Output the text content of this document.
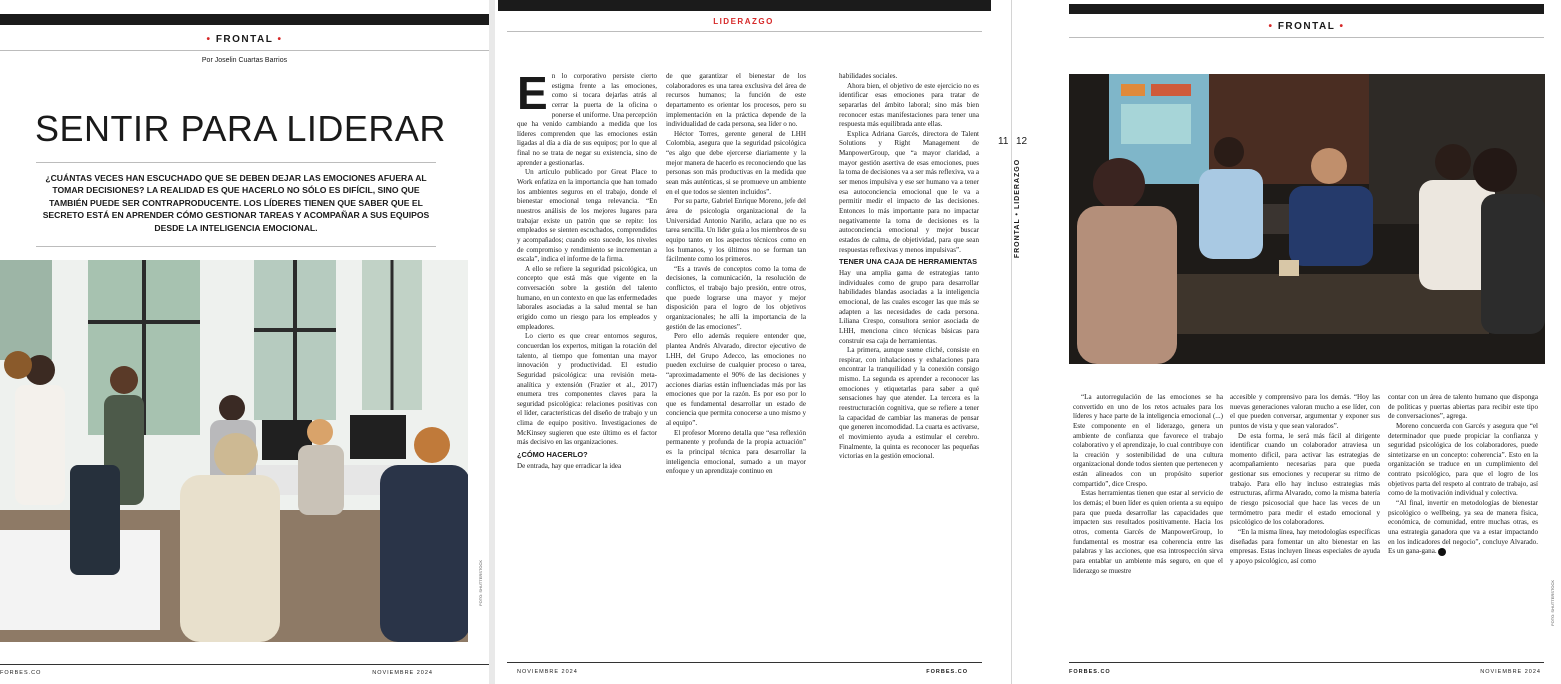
• FRONTAL •
Por Joselin Cuartas Barrios
SENTIR PARA LIDERAR
¿CUÁNTAS VECES HAN ESCUCHADO QUE SE DEBEN DEJAR LAS EMOCIONES AFUERA AL TOMAR DECISIONES? LA REALIDAD ES QUE HACERLO NO SÓLO ES DIFÍCIL, SINO QUE TAMBIÉN PUEDE SER CONTRAPRODUCENTE. LOS LÍDERES TIENEN QUE SABER QUE EL SECRETO ESTÁ EN APRENDER CÓMO GESTIONAR TAREAS Y ACOMPAÑAR A SUS EQUIPOS DESDE LA INTELIGENCIA EMOCIONAL.
FOTO: SHUTTERSTOCK
FORBES.CO	NOVIEMBRE 2024
LIDERAZGO

En lo corporativo persiste cierto estigma frente a las emociones, como si tocara dejarlas atrás al cerrar la puerta de la oficina o ponerse el uniforme. Una percepción que ha venido cambiando a medida que los líderes comprenden que las emociones están ligadas al día a día de sus equipos; por lo que al final no se trata de negar su existencia, sino de aprender a gestionarlas.

Un artículo publicado por Great Place to Work enfatiza en la importancia que han tomado los ambientes seguros en el trabajo, donde el bienestar emocional tenga relevancia. “En nuestros análisis de los mejores lugares para trabajar existe un patrón que se repite: los empleados se sienten escuchados, comprendidos y acompañados; cuando esto sucede, los niveles de compromiso y rendimiento se incrementan a escala”, indica el informe de la firma.

A ello se refiere la seguridad psicológica, un concepto que está más que vigente en la conversación sobre la gestión del talento humano, en un contexto en que las enfermedades laborales asociadas a la salud mental se han erigido como un riesgo para los empleados y empleadores.

Lo cierto es que crear entornos seguros, concuerdan los expertos, mitigan la rotación del talento, al tiempo que fomentan una mayor innovación y productividad. El estudio Seguridad psicológica: una revisión meta-analítica y extensión (Frazier et al., 2017) enumera tres componentes claves para la seguridad psicológica: relaciones positivas con el líder, características del diseño de trabajo y un clima de equipo positivo. Investigaciones de McKinsey sugieren que este último es el factor más decisivo en las organizaciones.

¿CÓMO HACERLO?

De entrada, hay que erradicar la idea

de que garantizar el bienestar de los colaboradores es una tarea exclusiva del área de recursos humanos; la función de este departamento es orientar los procesos, pero su implementación en la práctica depende de la individualidad de cada persona, sea líder o no.

Héctor Torres, gerente general de LHH Colombia, asegura que la seguridad psicológica “es algo que debe ejercerse diariamente y la mejor manera de hacerlo es reconociendo que las personas son más productivas en la medida que sean más auténticas, si se promueve un ambiente en el que todos se sienten incluidos”.

Por su parte, Gabriel Enrique Moreno, jefe del área de psicología organizacional de la Universidad Antonio Nariño, aclara que no es tarea sencilla. Un líder guía a los miembros de su equipo tanto en los aspectos técnicos como en los humanos, y los últimos no se forman tan fácilmente como los primeros.

“Es a través de conceptos como la toma de decisiones, la comunicación, la resolución de conflictos, el trabajo bajo presión, entre otros, que puede lograrse una mayor y mejor disposición para el logro de los objetivos organizacionales; he allí la importancia de la gestión de las emociones”.

Pero ello además requiere entender que, plantea Andrés Alvarado, director ejecutivo de LHH, del Grupo Adecco, las emociones no pueden excluirse de cualquier proceso o tarea, “aproximadamente el 90% de las decisiones y acciones diarias están influenciadas más por las emociones que por la razón. Es por eso por lo que es fundamental desarrollar un estado de conciencia que permita conocerse a uno mismo y al equipo”.

El profesor Moreno detalla que “esa reflexión permanente y profunda de la propia actuación” es la principal técnica para desarrollar la inteligencia emocional, sumado a un mayor enfoque y un aprendizaje continuo en

habilidades sociales.

Ahora bien, el objetivo de este ejercicio no es identificar esas emociones para tratar de separarlas del ámbito laboral; sino más bien reconocer estas manifestaciones para tener una respuesta más equilibrada ante ellas.

Explica Adriana Garcés, directora de Talent Solutions y Right Management de ManpowerGroup, que “a mayor claridad, a mayor gestión asertiva de esas emociones, pues la toma de decisiones va a ser más reflexiva, va a ser menos impulsiva y ese ser humano va a tener esa autoconciencia emocional que le va a permitir medir el impacto de las decisiones. Entonces lo más importante para no impactar negativamente la toma de decisiones es la autoconciencia emocional y mejor buscar estados de calma, de objetividad, para que sean respuestas reflexivas y menos impulsivas”.

TENER UNA CAJA DE HERRAMIENTAS

Hay una amplia gama de estrategias tanto individuales como de grupo para desarrollar habilidades blandas asociadas a la inteligencia emocional, de las cuales escoger las que más se adapten a las necesidades de cada persona. Liliana Crespo, consultora senior asociada de LHH, menciona cinco técnicas básicas para construir esa caja de herramientas.

La primera, aunque suene cliché, consiste en respirar, con inhalaciones y exhalaciones para encontrar la tranquilidad y la conexión consigo mismo. La segunda es aprender a reconocer las emociones y etiquetarlas para saber a qué sensaciones hay que atender. La tercera es la reestructuración cognitiva, que se refiere a tener la capacidad de cambiar las maneras de pensar que generen incomodidad. La cuarta es activarse, el movimiento ayuda a estimular el cerebro. Finalmente, la quinta es reconocer las pequeñas victorias en la gestión emocional.

NOVIEMBRE 2024	FORBES.CO
11
FRONTAL • LIDERAZGO
12
• FRONTAL •

“La autorregulación de las emociones se ha convertido en uno de los retos actuales para los líderes y hace parte de la inteligencia emocional (...) Este componente en el liderazgo, genera un ambiente de confianza que favorece el trabajo colaborativo y el aprendizaje, lo cual contribuye con la creación y sostenibilidad de una cultura organizacional donde todos sienten que pertenecen y están alineados con un propósito superior compartido”, dice Crespo.

Estas herramientas tienen que estar al servicio de los demás; el buen líder es quien orienta a su equipo para que pueda desarrollar las capacidades que impacten sus resultados positivamente. Hacia los otros, comenta Garcés de ManpowerGroup, lo fundamental es mostrar esa coherencia entre las palabras y las acciones, que esa introspección sirva para entablar un ambiente más seguro, en que el liderazgo se muestre

accesible y comprensivo para los demás. “Hoy las nuevas generaciones valoran mucho a ese líder, con el que pueden conversar, argumentar y exponer sus puntos de vista y que sean valorados”.

De esta forma, le será más fácil al dirigente identificar cuando un colaborador atraviesa un momento difícil, para activar las estrategias de acompañamiento necesarias para que pueda gestionar sus emociones y recuperar su ritmo de trabajo. Para ello hay incluso estrategias más estructuras, afirma Alvarado, como la misma batería de riesgo psicosocial que hace las veces de un termómetro para medir el estado emocional y psicológico de los colaboradores.

“En la misma línea, hay metodologías específicas diseñadas para fomentar un alto bienestar en las empresas. Estas incluyen líneas especiales de ayuda y apoyo psicológico, así como

contar con un área de talento humano que disponga de políticas y puertas abiertas para recibir este tipo de conversaciones”, agrega.

Moreno concuerda con Garcés y asegura que “el determinador que puede propiciar la confianza y seguridad psicológica de los colaboradores, puede sintetizarse en un concepto: coherencia”. Esto en la organización se traduce en un cumplimiento del contrato psicológico, para que el logro de los objetivos parta del respeto al contrato de trabajo, así como de la motivación individual y colectiva.

“Al final, invertir en metodologías de bienestar psicológico o wellbeing, ya sea de manera física, económica, de comunidad, entre muchas otras, es una estrategia ganadora que va a estar impactando en los indicadores del negocio”, concluye Alvarado. Es un gana-gana. F

FOTO: SHUTTERSTOCK
FORBES.CO	NOVIEMBRE 2024
